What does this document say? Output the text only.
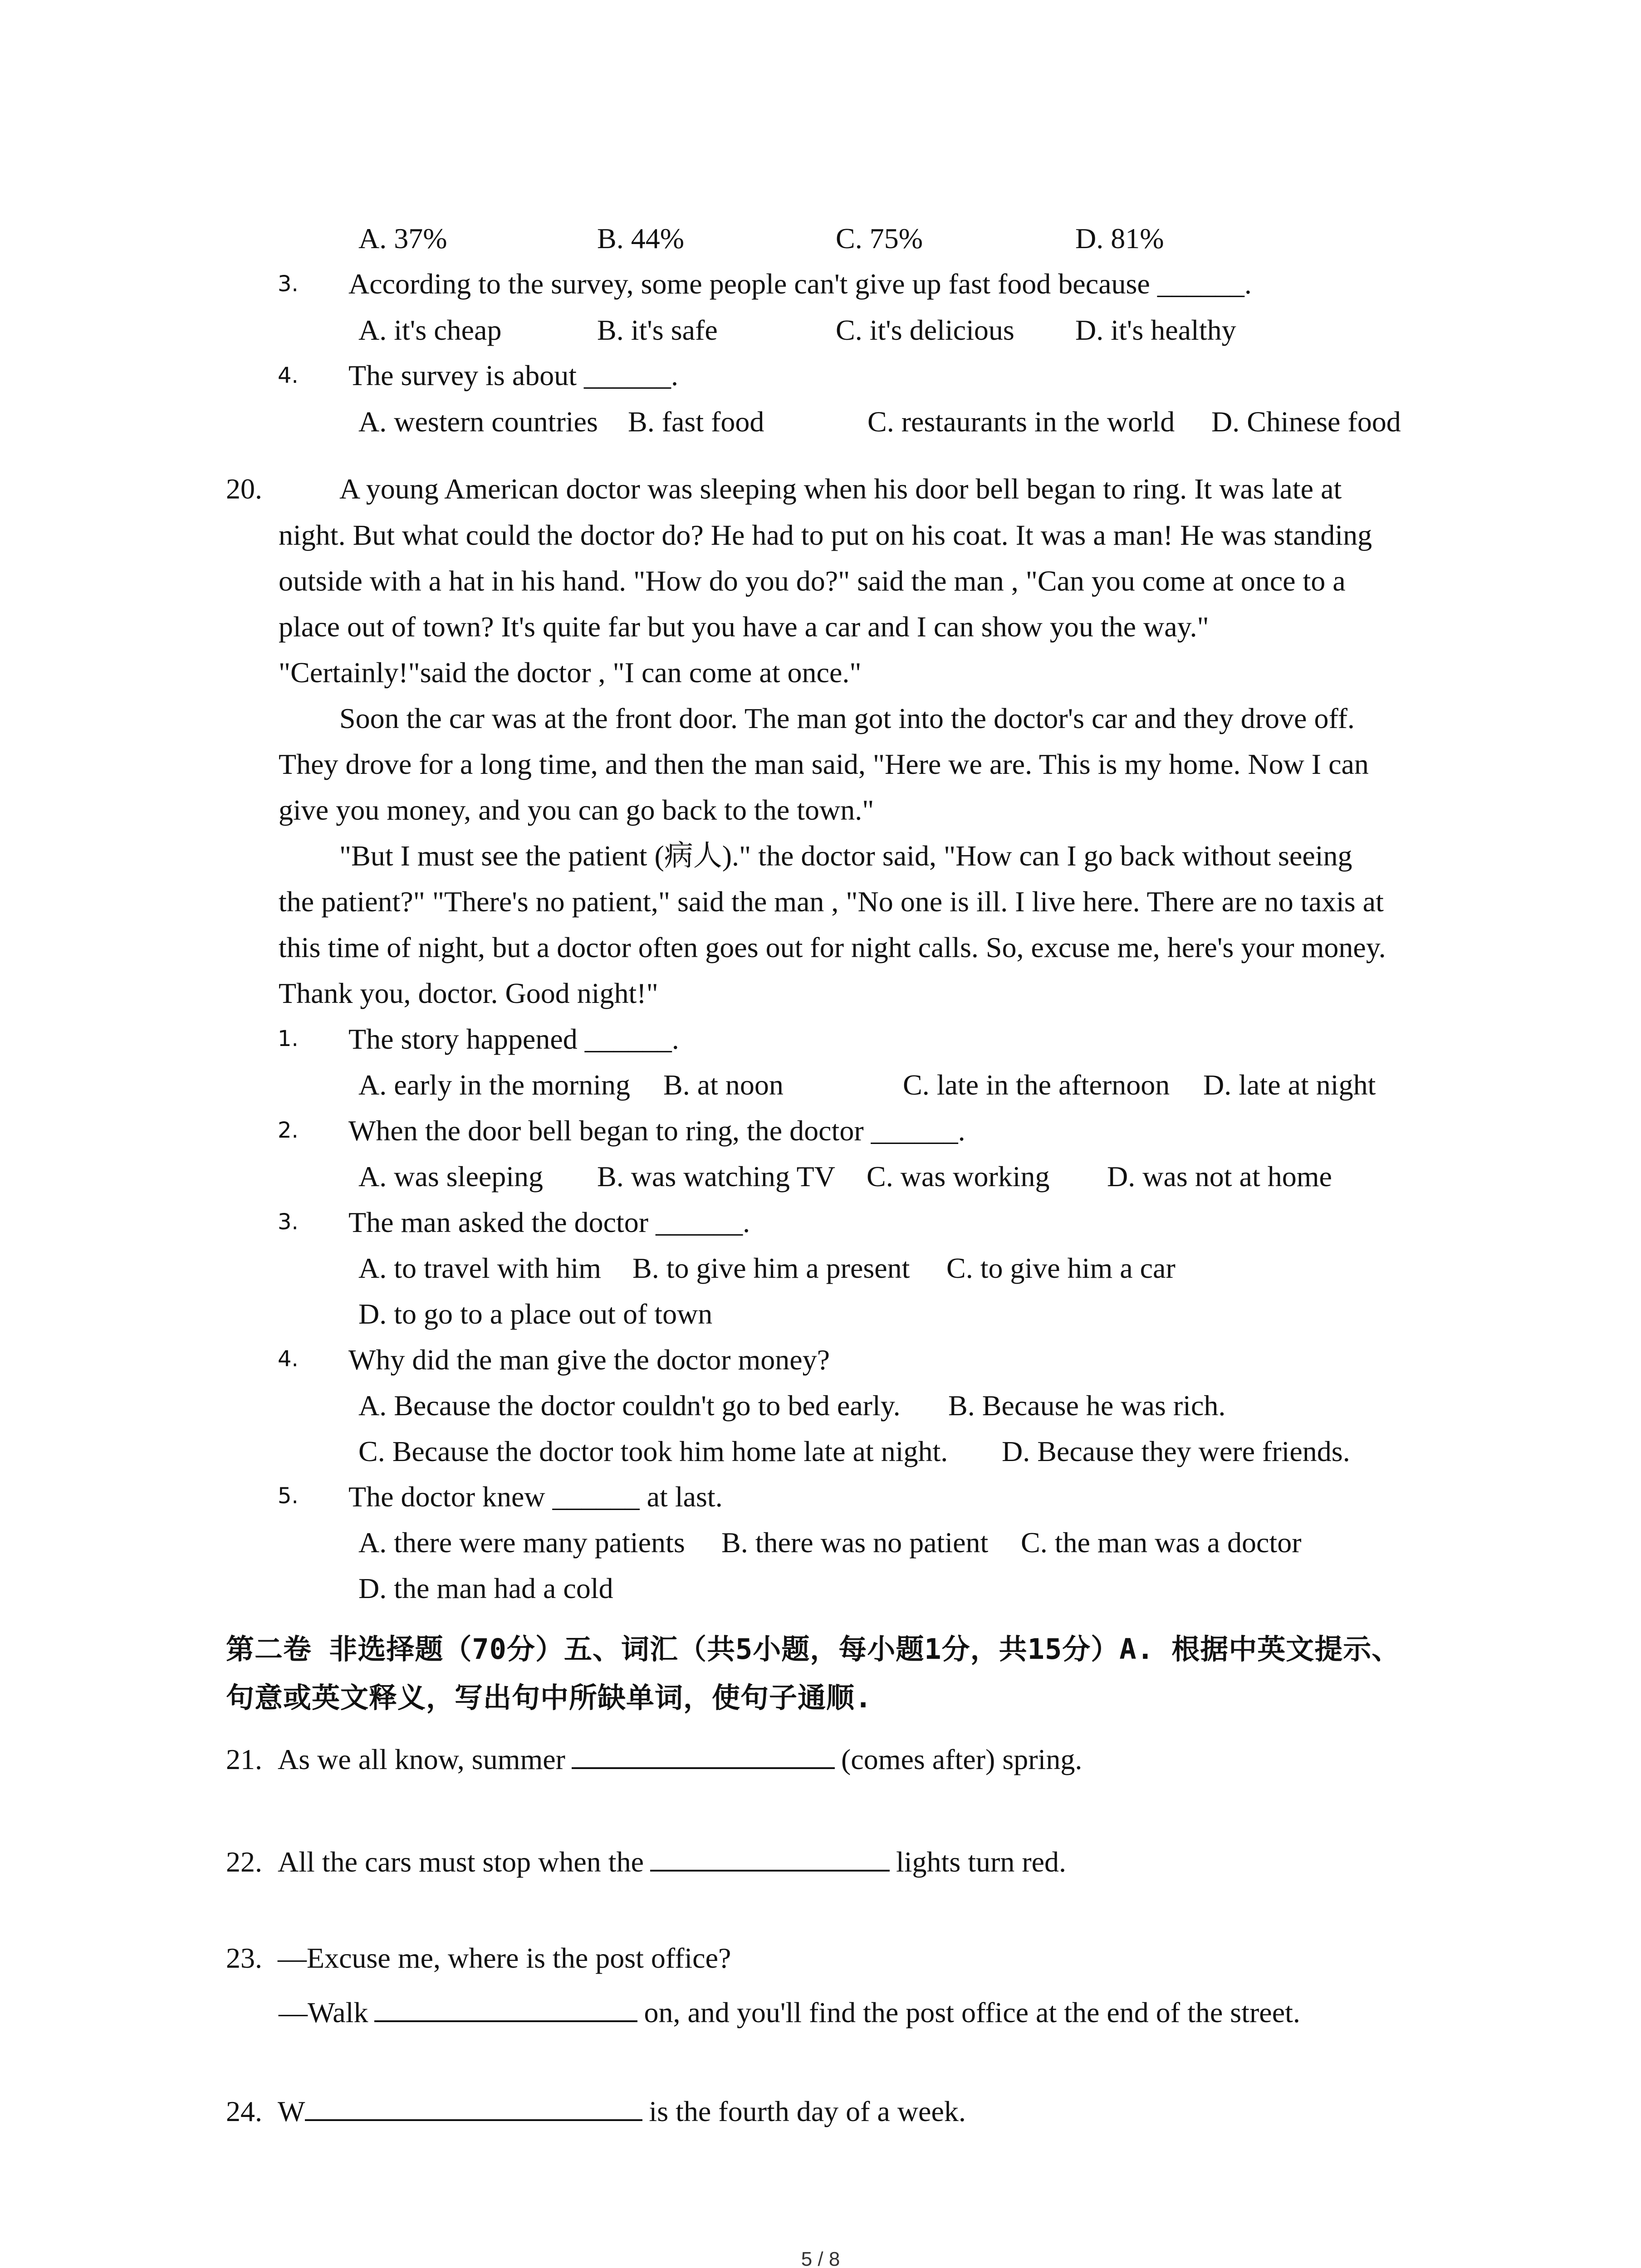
A. 37%	B. 44%	C. 75%	D. 81%
3. According to the survey, some people can't give up fast food because ______.
A. it's cheap	B. it's safe	C. it's delicious D. it's healthy
4. The survey is about ______.
A. western countries B. fast food	C. restaurants in the world D. Chinese food
20.	A young American doctor was sleeping when his door bell began to ring. It was late at
night. But what could the doctor do? He had to put on his coat. It was a man! He was standing
outside with a hat in his hand. "How do you do?" said the man , "Can you come at once to a
place out of town? It's quite far but you have a car and I can show you the way."
"Certainly!"said the doctor , "I can come at once."
Soon the car was at the front door. The man got into the doctor's car and they drove off.
They drove for a long time, and then the man said, "Here we are. This is my home. Now I can
give you money, and you can go back to the town."
"But I must see the patient (病人)." the doctor said, "How can I go back without seeing
the patient?" "There's no patient," said the man , "No one is ill. I live here. There are no taxis at
this time of night, but a doctor often goes out for night calls. So, excuse me, here's your money.
Thank you, doctor. Good night!"
1. The story happened ______.
A. early in the morning B. at noon	C. late in the afternoon D. late at night
2. When the door bell began to ring, the doctor ______.
A. was sleeping B. was watching TV C. was working D. was not at home
3. The man asked the doctor ______.
A. to travel with him B. to give him a present C. to give him a car
D. to go to a place out of town
4. Why did the man give the doctor money?
A. Because the doctor couldn't go to bed early. B. Because he was rich.
C. Because the doctor took him home late at night. D. Because they were friends.
5. The doctor knew ______ at last.
A. there were many patients B. there was no patient C. the man was a doctor
D. the man had a cold
第二卷 非选择题（70分）五、词汇（共5小题，每小题1分，共15分）A. 根据中英文提示、
句意或英文释义，写出句中所缺单词，使句子通顺.
21. As we all know, summer	(comes after) spring.
22. All the cars must stop when the	lights turn red.
23. —Excuse me, where is the post office?
—Walk	on, and you'll find the post office at the end of the street.
24. W	is the fourth day of a week.
5 / 8
